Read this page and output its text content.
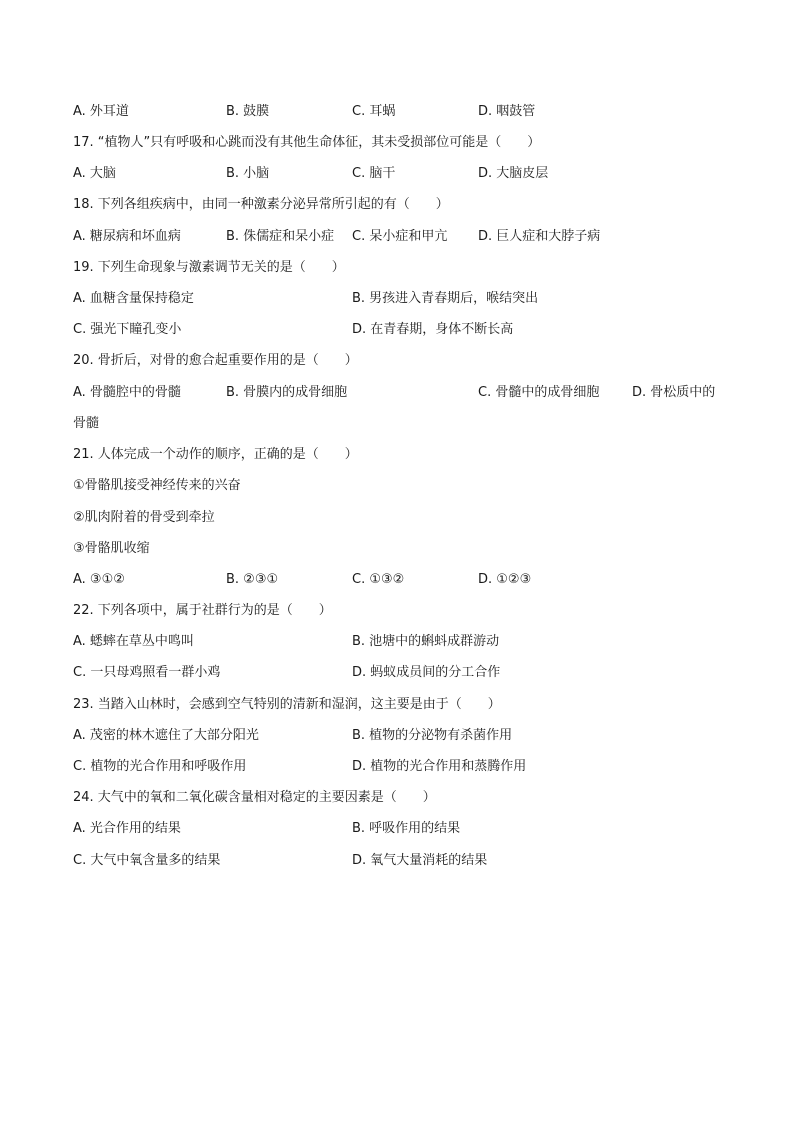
A. 外耳道	B. 鼓膜	C. 耳蜗	D. 咽鼓管
17. “植物人”只有呼吸和心跳而没有其他生命体征，其未受损部位可能是（　　）
A. 大脑	B. 小脑	C. 脑干	D. 大脑皮层
18. 下列各组疾病中，由同一种激素分泌异常所引起的有（　　）
A. 糖尿病和坏血病	B. 侏儒症和呆小症 C. 呆小症和甲亢 D. 巨人症和大脖子病
19. 下列生命现象与激素调节无关的是（　　）
A. 血糖含量保持稳定	B. 男孩进入青春期后，喉结突出
C. 强光下瞳孔变小	D. 在青春期，身体不断长高
20. 骨折后，对骨的愈合起重要作用的是（　　）
A. 骨髓腔中的骨髓	B. 骨膜内的成骨细胞	C. 骨髓中的成骨细胞	D. 骨松质中的
骨髓
21. 人体完成一个动作的顺序，正确的是（　　）
①骨骼肌接受神经传来的兴奋
②肌肉附着的骨受到牵拉
③骨骼肌收缩
A. ③①②	B. ②③①	C. ①③②	D. ①②③
22. 下列各项中，属于社群行为的是（　　）
A. 蟋蟀在草丛中鸣叫	B. 池塘中的蝌蚪成群游动
C. 一只母鸡照看一群小鸡	D. 蚂蚁成员间的分工合作
23. 当踏入山林时，会感到空气特别的清新和湿润，这主要是由于（　　）
A. 茂密的林木遮住了大部分阳光	B. 植物的分泌物有杀菌作用
C. 植物的光合作用和呼吸作用	D. 植物的光合作用和蒸腾作用
24. 大气中的氧和二氧化碳含量相对稳定的主要因素是（　　）
A. 光合作用的结果	B. 呼吸作用的结果
C. 大气中氧含量多的结果	D. 氧气大量消耗的结果
